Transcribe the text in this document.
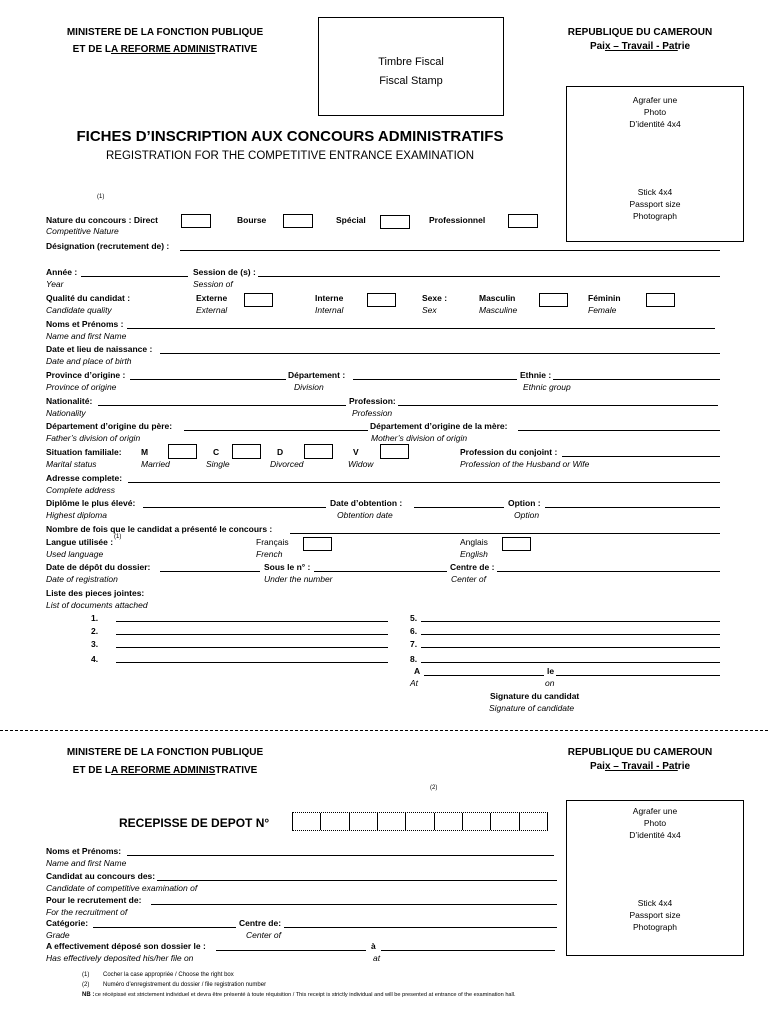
MINISTERE DE LA FONCTION PUBLIQUE
ET DE LA REFORME ADMINISTRATIVE
Timbre Fiscal
Fiscal Stamp
REPUBLIQUE DU CAMEROUN
Paix – Travail - Patrie
Agrafer une
Photo
D’identité 4x4
Stick 4x4
Passport size
Photograph
FICHES D’INSCRIPTION AUX CONCOURS ADMINISTRATIFS
REGISTRATION FOR THE COMPETITIVE ENTRANCE EXAMINATION
(1)
Nature du concours : Direct
Competitive Nature
Bourse	Spécial	Professionnel
Désignation (recrutement de) :
Année :
Year
Session de (s) :
Session of
Qualité du candidat :
Candidate quality
Externe
External
Interne
Internal
Sexe :
Sex
Masculin
Masculine
Féminin
Female
Noms et Prénoms :
Name and first Name
Date et lieu de naissance :
Date and place of birth
Province d’origine :
Province of origine
Département :
Division
Ethnie :
Ethnic group
Nationalité:
Nationality
Profession:
Profession
Département d’origine du père:
Father’s division of origin
Département d’origine de la mère:
Mother’s division of origin
Situation familiale:
Marital status
M
Married
C
Single
D
Divorced
V
Widow
Profession du conjoint :
Profession of the Husband or Wife
Adresse complete:
Complete address
Diplôme le plus élevé:
Highest diploma
Date d’obtention :
Obtention date
Option :
Option
Nombre de fois que le candidat a présenté le concours :
Langue utilisée : (1)
Used language
Français
French
Anglais
English
Date de dépôt du dossier:
Date of registration
Sous le n° :
Under the number
Centre de :
Center of
Liste des pieces jointes:
List of documents attached
1.
2.
3.
4.
5.
6.
7.
8.
A
At
le
on
Signature du candidat
Signature of candidate
MINISTERE DE LA FONCTION PUBLIQUE
ET DE LA REFORME ADMINISTRATIVE
REPUBLIQUE DU CAMEROUN
Paix – Travail - Patrie
(2)
Agrafer une
Photo
D’identité 4x4
Stick 4x4
Passport size
Photograph
RECEPISSE DE DEPOT N°
Noms et Prénoms:
Name and first Name
Candidat au concours des:
Candidate of competitive examination of
Pour le recrutement de:
For the recruitment of
Catégorie:
Grade
Centre de:
Center of
A effectivement déposé son dossier le :
Has effectively deposited his/her file on
à
at
(1) Cocher la case appropriée / Choose the right box
(2) Numéro d’enregistrement du dossier / file registration number
NB : ce récépissé est strictement individuel et devra être présenté à toute réquisition / This receipt is strictly individual and will be presented at entrance of the examination hall.
